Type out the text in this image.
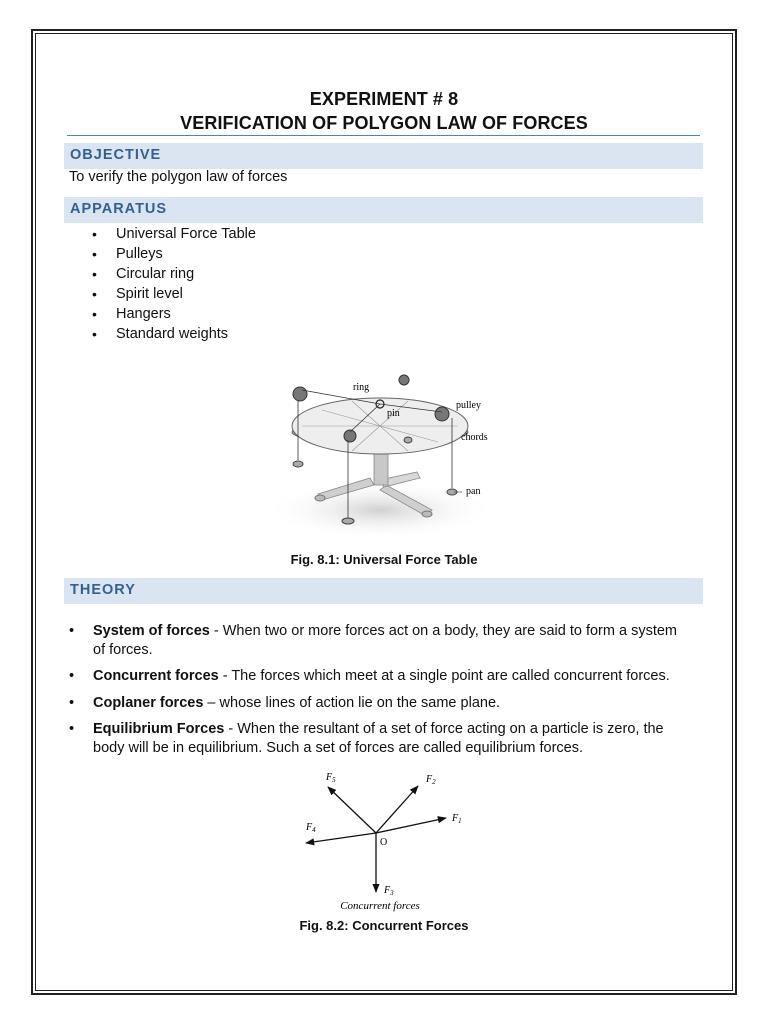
EXPERIMENT # 8
VERIFICATION OF POLYGON LAW OF FORCES
OBJECTIVE
To verify the polygon law of forces
APPARATUS
• Universal Force Table
• Pulleys
• Circular ring
• Spirit level
• Hangers
• Standard weights
ring
pin
pulley
chords
pan
Fig. 8.1: Universal Force Table
THEORY
• System of forces - When two or more forces act on a body, they are said to form a system
of forces.
• Concurrent forces - The forces which meet at a single point are called concurrent forces.
• Coplaner forces – whose lines of action lie on the same plane.
• Equilibrium Forces - When the resultant of a set of force acting on a particle is zero, the
body will be in equilibrium. Such a set of forces are called equilibrium forces.
$F_5$	$F_2$
$F_1$
$F_4$
$F_3$
O
Concurrent forces
Fig. 8.2: Concurrent Forces
